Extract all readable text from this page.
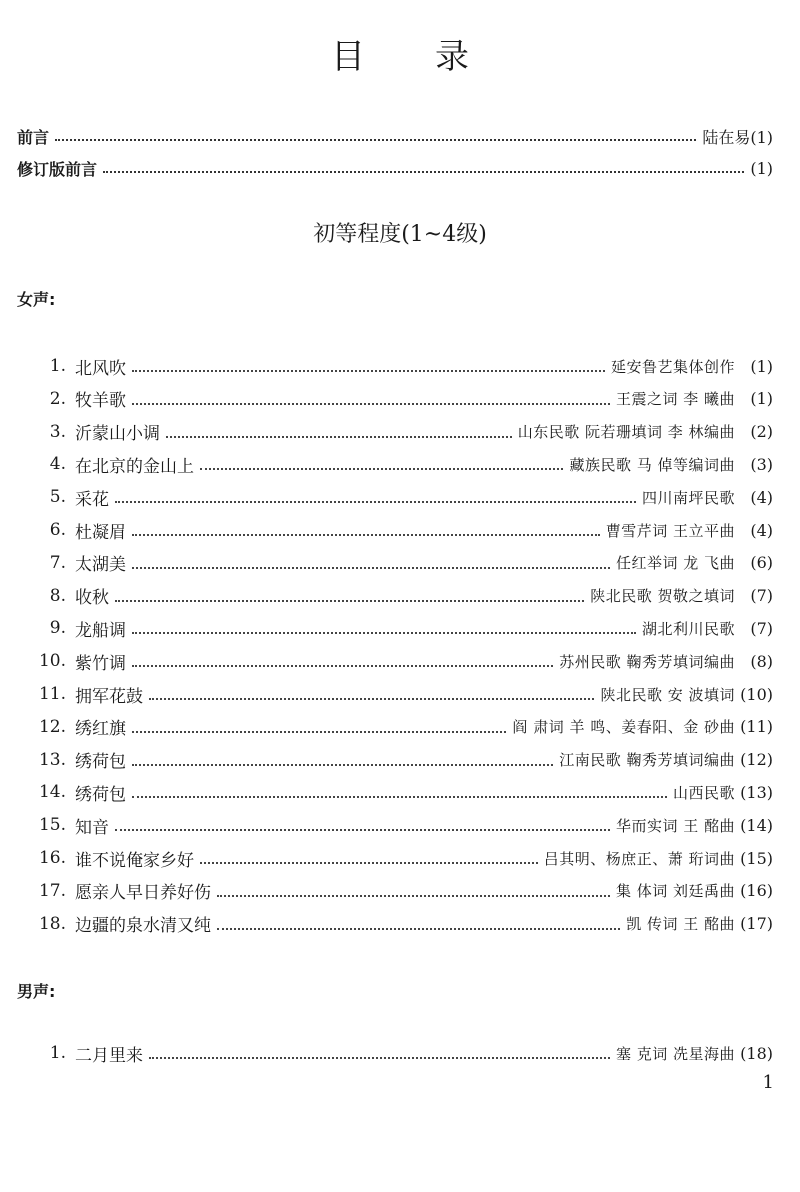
目 录
前言	陆在易(1)
修订版前言	(1)
初等程度(1~4级)
女声:
1. 北风吹	延安鲁艺集体创作 (1)
2. 牧羊歌	王震之词 李 曦曲 (1)
3. 沂蒙山小调	山东民歌 阮若珊填词 李 林编曲 (2)
4. 在北京的金山上	藏族民歌 马 倬等编词曲 (3)
5. 采花	四川南坪民歌 (4)
6. 杜凝眉	曹雪芹词 王立平曲 (4)
7. 太湖美	任红举词 龙 飞曲 (6)
8. 收秋	陕北民歌 贺敬之填词 (7)
9. 龙船调	湖北利川民歌 (7)
10. 紫竹调	苏州民歌 鞠秀芳填词编曲 (8)
11. 拥军花鼓	陕北民歌 安 波填词 (10)
12. 绣红旗	阎 肃词 羊 鸣、姜春阳、金 砂曲 (11)
13. 绣荷包	江南民歌 鞠秀芳填词编曲 (12)
14. 绣荷包	山西民歌 (13)
15. 知音	华而实词 王 酩曲 (14)
16. 谁不说俺家乡好	吕其明、杨庶正、萧 珩词曲 (15)
17. 愿亲人早日养好伤	集 体词 刘廷禹曲 (16)
18. 边疆的泉水清又纯	凯 传词 王 酩曲 (17)
男声:
1. 二月里来	塞 克词 冼星海曲 (18)
1
